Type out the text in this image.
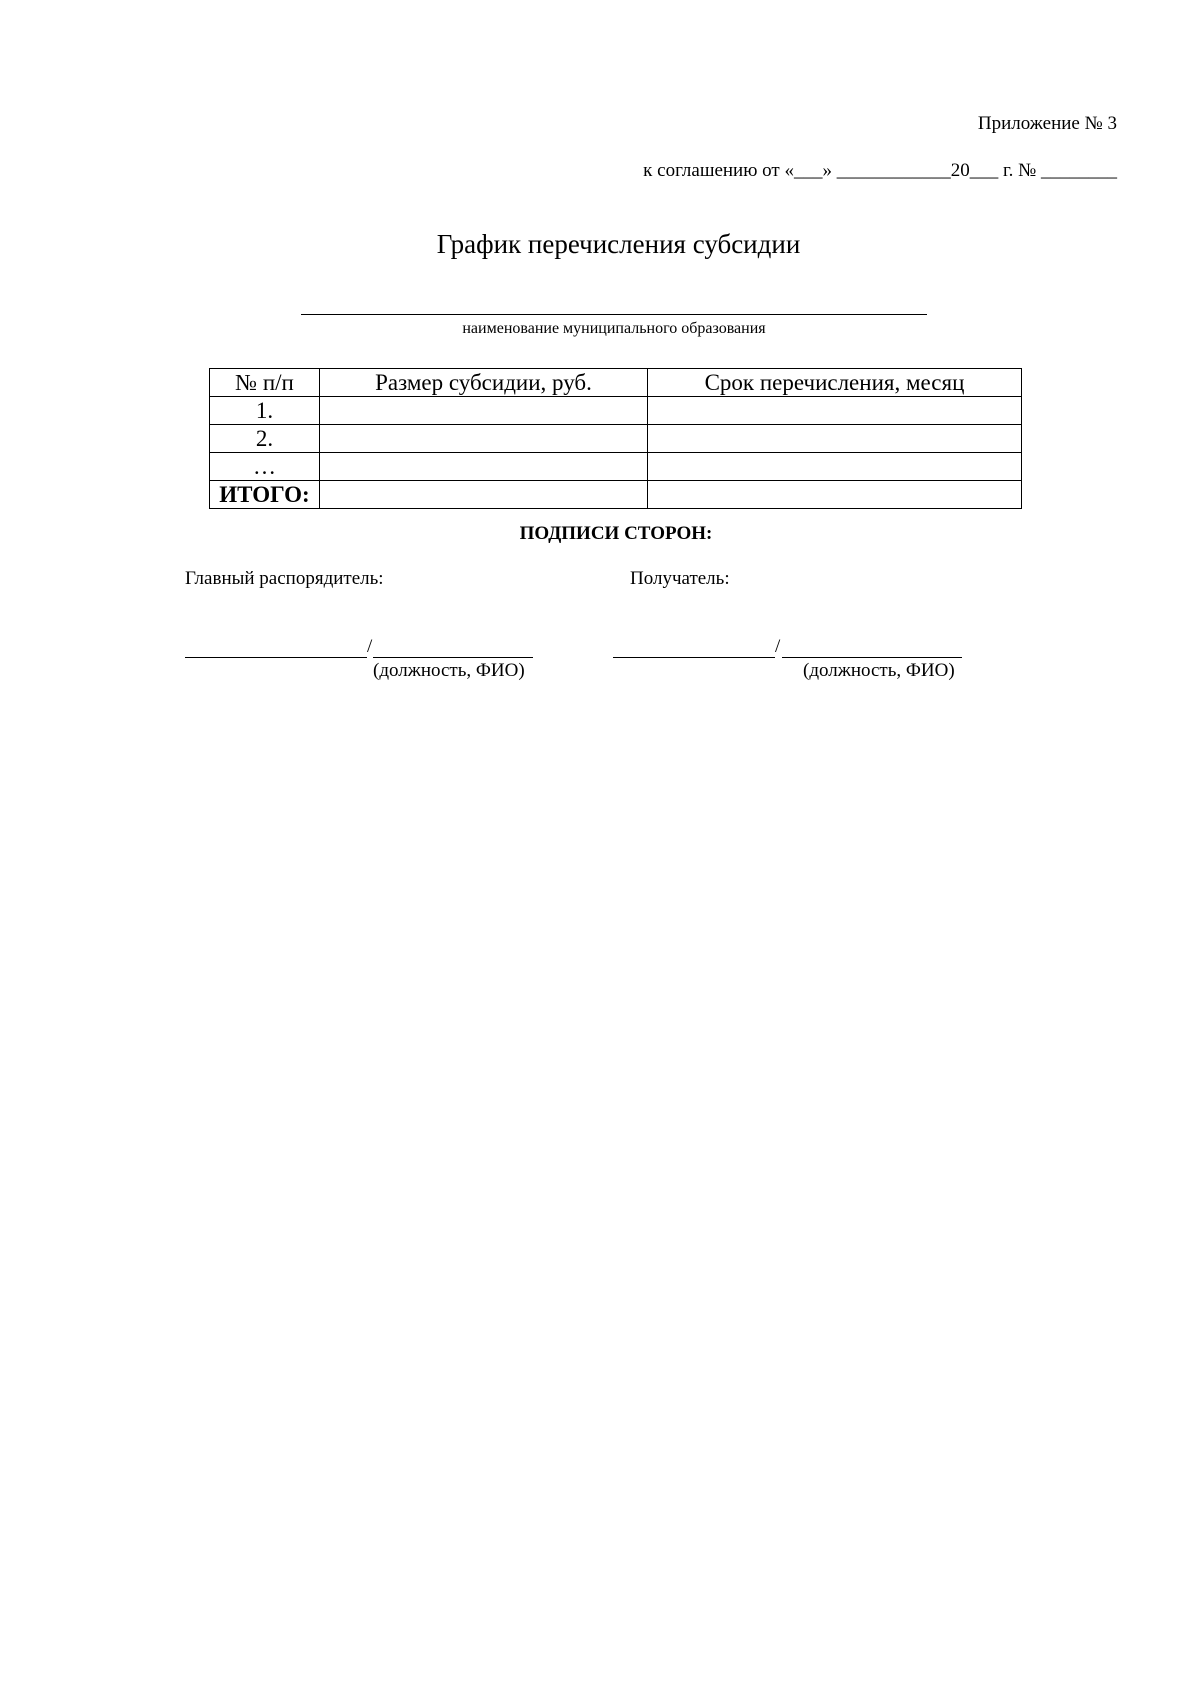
Приложение № 3
к соглашению от «___» ____________20___ г. № ________
График перечисления субсидии
наименование муниципального образования
№ п/п	Размер субсидии, руб.	Срок перечисления, месяц
1.		
2.		
…		
ИТОГО:		
ПОДПИСИ СТОРОН:
Главный распорядитель:	Получатель:
/
(должность, ФИО)
/
(должность, ФИО)
